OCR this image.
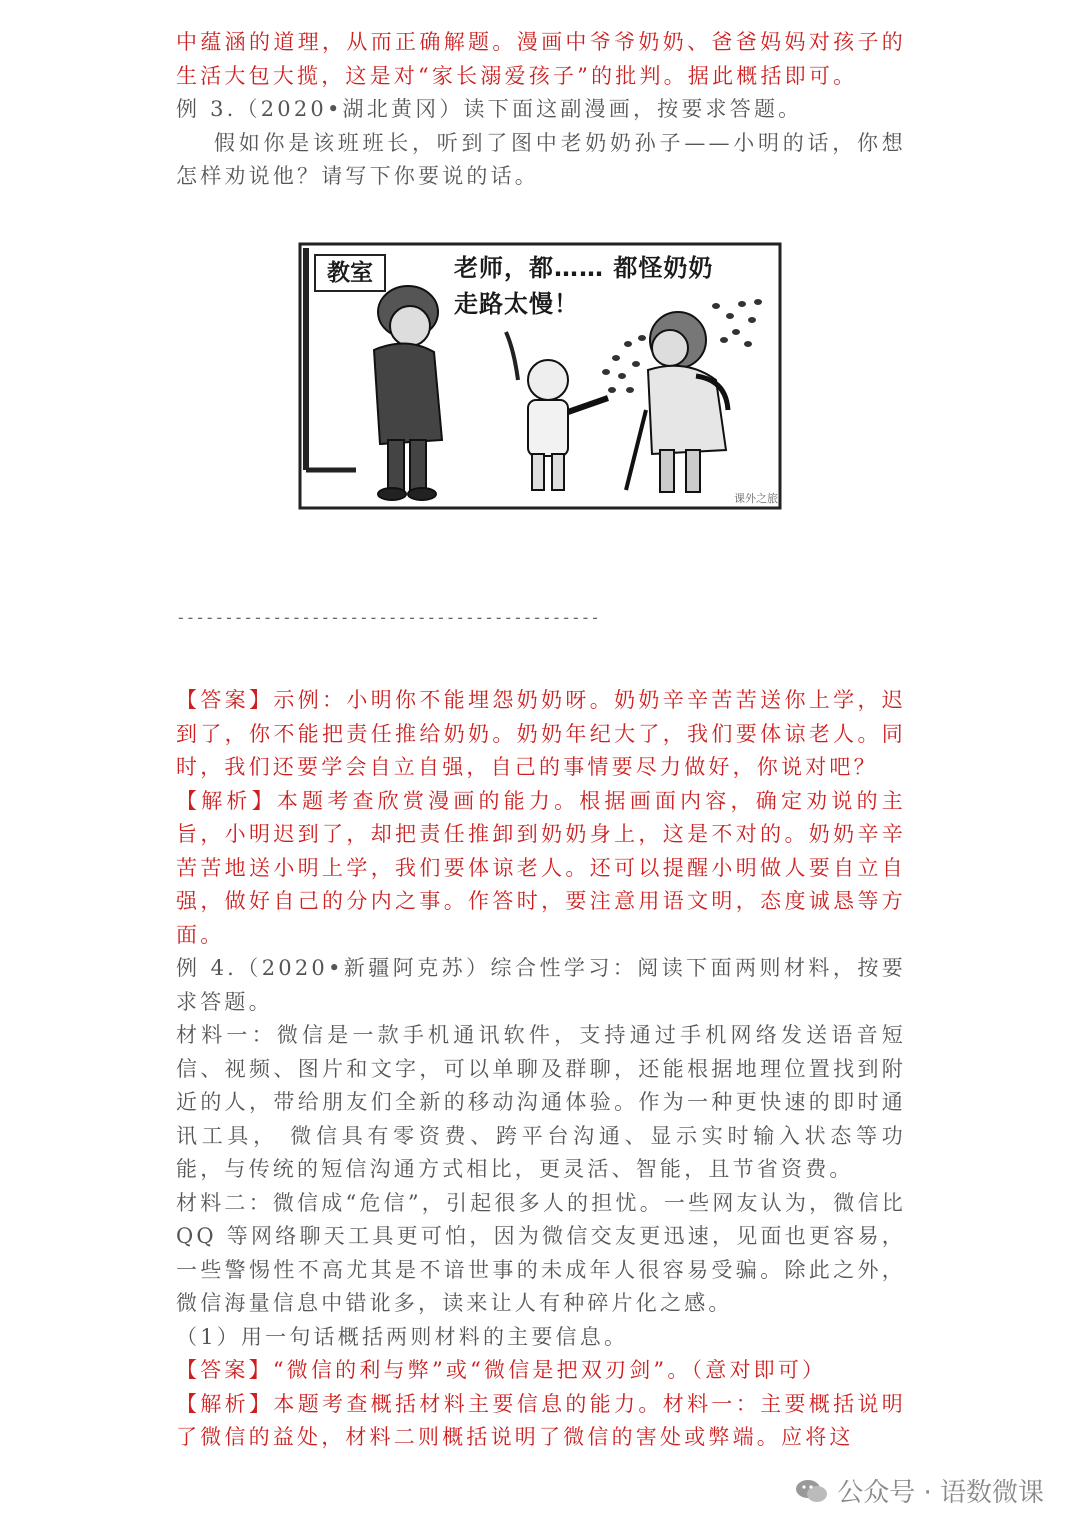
中蕴涵的道理，从而正确解题。漫画中爷爷奶奶、爸爸妈妈对孩子的生活大包大揽，这是对“家长溺爱孩子”的批判。据此概括即可。

例 3.（2020•湖北黄冈）读下面这副漫画，按要求答题。

假如你是该班班长，听到了图中老奶奶孙子——小明的话，你想怎样劝说他？请写下你要说的话。

教室	老师，都…… 都怪奶奶
走路太慢！
课外之旅
--------------------------------------------

【答案】示例：小明你不能埋怨奶奶呀。奶奶辛辛苦苦送你上学，迟到了，你不能把责任推给奶奶。奶奶年纪大了，我们要体谅老人。同时，我们还要学会自立自强，自己的事情要尽力做好，你说对吧？

【解析】本题考查欣赏漫画的能力。根据画面内容，确定劝说的主旨，小明迟到了，却把责任推卸到奶奶身上，这是不对的。奶奶辛辛苦苦地送小明上学，我们要体谅老人。还可以提醒小明做人要自立自强，做好自己的分内之事。作答时，要注意用语文明，态度诚恳等方面。

例 4.（2020•新疆阿克苏）综合性学习：阅读下面两则材料，按要求答题。

材料一：微信是一款手机通讯软件，支持通过手机网络发送语音短信、视频、图片和文字，可以单聊及群聊，还能根据地理位置找到附近的人，带给朋友们全新的移动沟通体验。作为一种更快速的即时通讯工具， 微信具有零资费、跨平台沟通、显示实时输入状态等功能，与传统的短信沟通方式相比，更灵活、智能，且节省资费。

材料二：微信成“危信”，引起很多人的担忧。一些网友认为，微信比 QQ 等网络聊天工具更可怕，因为微信交友更迅速，见面也更容易，一些警惕性不高尤其是不谙世事的未成年人很容易受骗。除此之外，微信海量信息中错讹多，读来让人有种碎片化之感。

（1）用一句话概括两则材料的主要信息。

【答案】“微信的利与弊”或“微信是把双刃剑”。（意对即可）

【解析】本题考查概括材料主要信息的能力。材料一：主要概括说明了微信的益处，材料二则概括说明了微信的害处或弊端。应将这

公众号 · 语数微课
